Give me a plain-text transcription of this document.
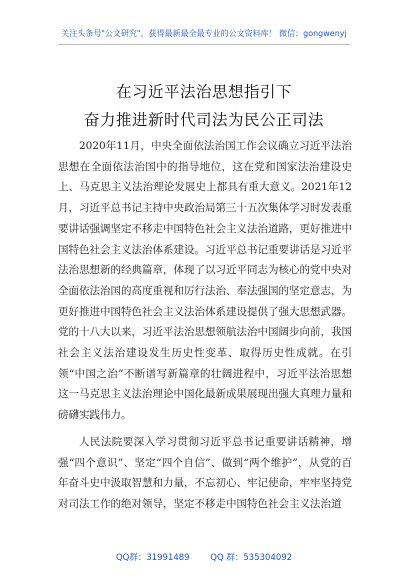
关注头条号"公文研究"，获得最新最全最专业的公文资料库！ 微信：gongwenyj
在习近平法治思想指引下
奋力推进新时代司法为民公正司法
2020年11月，中央全面依法治国工作会议确立习近平法治思想在全面依法治国中的指导地位，这在党和国家法治建设史上、马克思主义法治理论发展史上都具有重大意义。2021年12月，习近平总书记主持中央政治局第三十五次集体学习时发表重要讲话强调坚定不移走中国特色社会主义法治道路，更好推进中国特色社会主义法治体系建设。习近平总书记重要讲话是习近平法治思想新的经典篇章，体现了以习近平同志为核心的党中央对全面依法治国的高度重视和厉行法治、奉法强国的坚定意志，为更好推进中国特色社会主义法治体系建设提供了强大思想武器。党的十八大以来，习近平法治思想领航法治中国阔步向前，我国社会主义法治建设发生历史性变革、取得历史性成就。在引领“中国之治”不断谱写新篇章的壮阔进程中，习近平法治思想这一马克思主义法治理论中国化最新成果展现出强大真理力量和磅礴实践伟力。
人民法院要深入学习贯彻习近平总书记重要讲话精神，增强“四个意识”、坚定“四个自信”、做到“两个维护”，从党的百年奋斗史中汲取智慧和力量，不忘初心、牢记使命，牢牢坚持党对司法工作的绝对领导，坚定不移走中国特色社会主义法治道
QQ群：31991489 QQ 群：535304092
